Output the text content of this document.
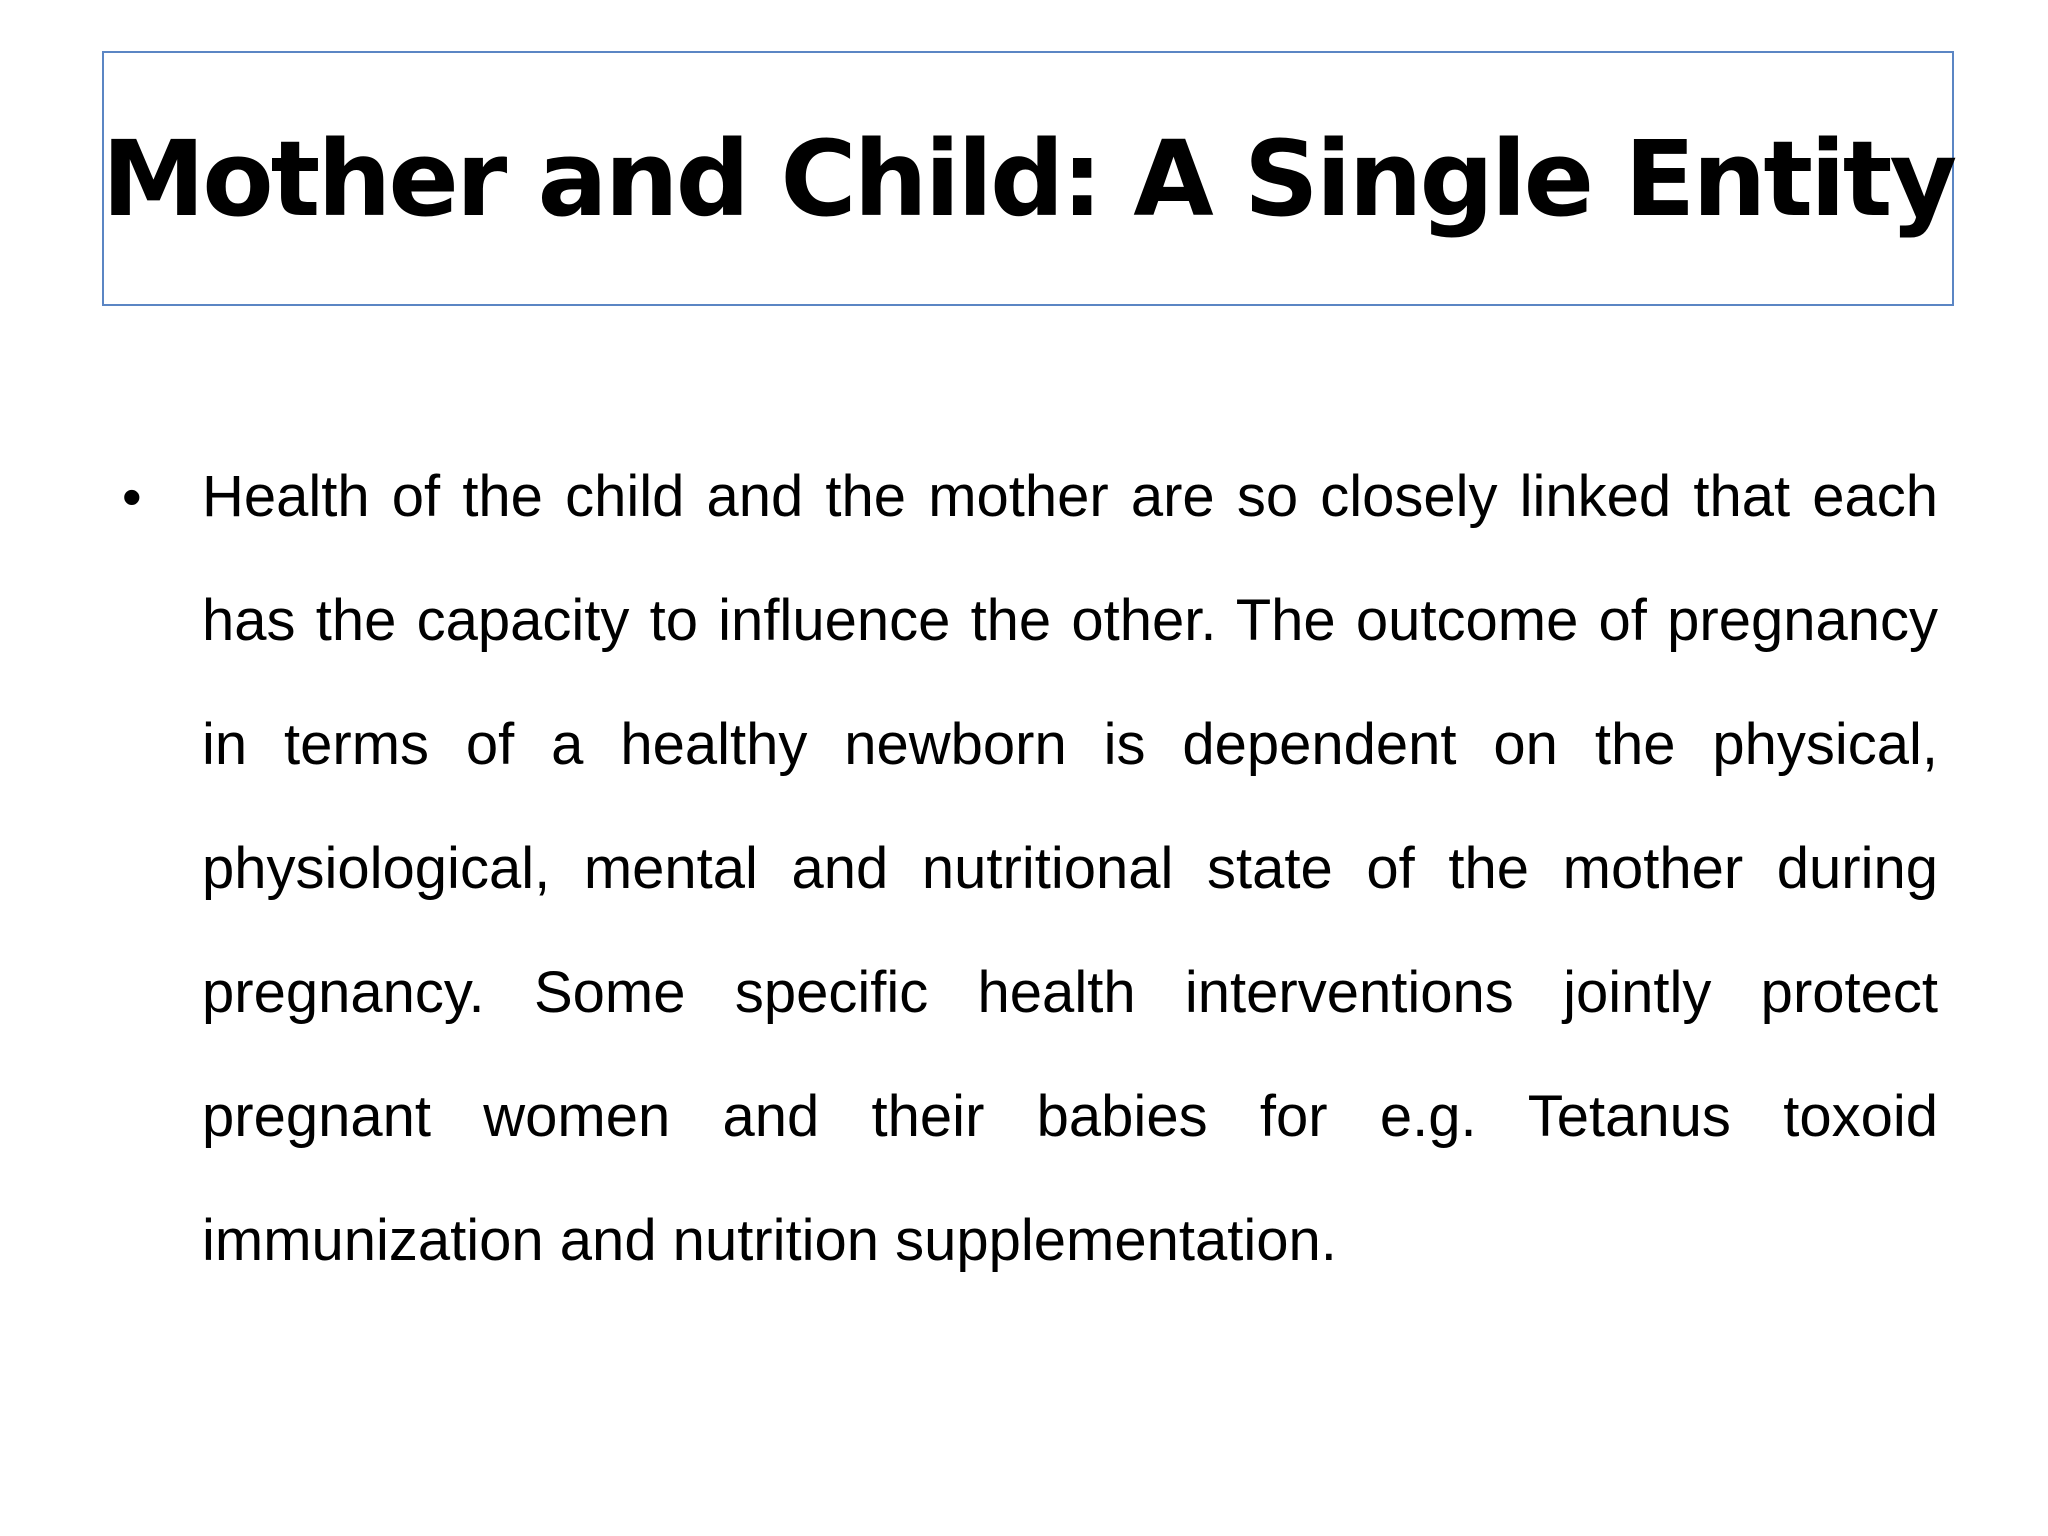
Mother and Child: A Single Entity
• Health of the child and the mother are so closely linked that each has the capacity to influence the other. The outcome of pregnancy in terms of a healthy newborn is dependent on the physical, physiological, mental and nutritional state of the mother during pregnancy. Some specific health interventions jointly protect pregnant women and their babies for e.g. Tetanus toxoid immunization and nutrition supplementation.
